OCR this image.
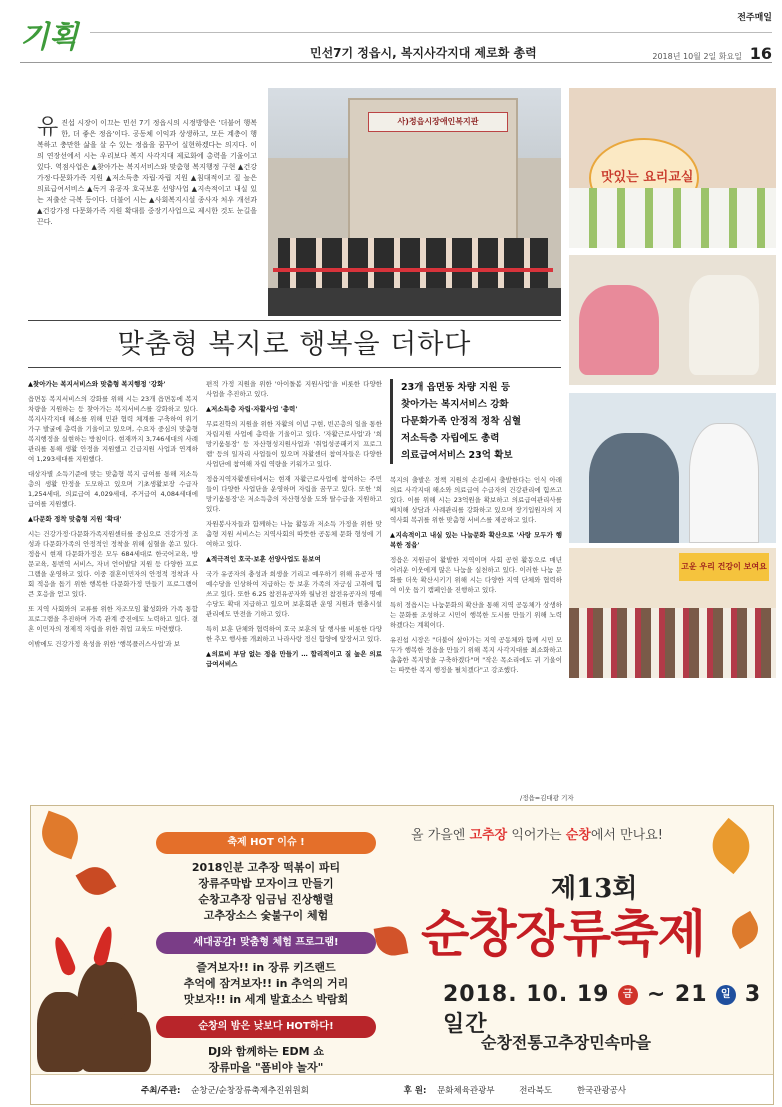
기획
전주매일
민선7기 정읍시, 복지사각지대 제로화 총력	2018년 10월 2일 화요일 16
유 진섭 시장이 이끄는 민선 7기 정읍시의 시정방향은 '더불어 행복한, 더 좋은 정읍'이다. 공동체 이익과 상생하고, 모든 계층이 행복하고 충만한 삶을 살 수 있는 정읍을 꿈꾸어 실현하겠다는 의지다. 이의 연장선에서 시는 우리보다 복지 사각지대 제로화에 총력을 기울이고 있다. 역점사업은 ▲찾아가는 복지서비스와 맞춤형 복지행정 구현 ▲건강가정·다문화가족 지원 ▲저소득층 자립·자립 지원 ▲침대적이고 질 높은 의료급여서비스 ▲독거 유공자 호국보훈 선양사업 ▲지속적이고 내실 있는 저출산 극복 등이다. 더불어 시는 ▲사회복지시설 종사자 처우 개선과 ▲건강가정 다문화가족 지원 확대를 중장기사업으로 제시한 것도 눈길을 끈다.
사)정읍시장애인복지관
맛있는 요리교실
고운 우리 건강이 보여요
맞춤형 복지로 행복을 더하다

▲찾아가는 복지서비스와 맞춤형 복지행정 '강화'

읍면동 복지서비스의 강화를 위해 시는 23개 읍면동에 복지차량을 지원하는 등 찾아가는 복지서비스를 강화하고 있다. 복지사각지대 해소를 위해 민관 협력 체계를 구축하여 위기가구 발굴에 총력을 기울이고 있으며, 수요자 중심의 맞춤형 복지행정을 실현하는 방침이다. 현재까지 3,746세대의 사례관리를 통해 생활 안정을 지원했고 긴급지원 사업과 연계하여 1,293세대를 지원했다.

대상자별 소득기준에 맞는 맞춤형 복지 급여를 통해 저소득층의 생활 안정을 도모하고 있으며 기초생활보장 수급자 1,254세대, 의료급여 4,029세대, 주거급여 4,084세대에 급여를 지원했다.

▲다문화 정착 맞춤형 지원 '확대'

시는 건강가정·다문화가족지원센터를 중심으로 건강가정 조성과 다문화가족의 안정적인 정착을 위해 심혈을 쏟고 있다. 정읍시 현재 다문화가정은 모두 684세대로 한국어교육, 방문교육, 통번역 서비스, 자녀 언어발달 지원 등 다양한 프로그램을 운영하고 있다. 이중 결혼이민자의 안정적 정착과 사회 적응을 돕기 위한 행복한 다문화가정 만들기 프로그램이 큰 호응을 얻고 있다.

또 지역 사회와의 교류를 위한 자조모임 활성화와 가족 통합 프로그램을 추진하며 가족 관계 증진에도 노력하고 있다. 결혼 이민자의 경제적 자립을 위한 취업 교육도 마련했다.

이밖에도 건강가정 육성을 위한 '행복플러스사업'과 보

편적 가정 지원을 위한 '아이돌봄 지원사업'을 비롯한 다양한 사업을 추진하고 있다.

▲저소득층 자립·자활사업 '총력'

무료진학의 지원을 위한 자활의 이념 구현, 빈곤층의 일을 통한 자립지원 사업에 총력을 기울이고 있다. '자활근로사업'과 '희망키움통장' 등 자산형성지원사업과 '취업성공패키지 프로그램' 등의 일자리 사업들이 있으며 자활센터 참여자들은 다양한 사업단에 참여해 자립 역량을 키워가고 있다.

정읍지역자활센터에서는 현재 자활근로사업에 참여하는 주민들이 다양한 사업단을 운영하며 자립을 꿈꾸고 있다. 또한 '희망키움통장'은 저소득층의 자산형성을 도와 탈수급을 지원하고 있다.

자원봉사자들과 함께하는 나눔 활동과 저소득 가정을 위한 맞춤형 지원 서비스는 지역사회의 따뜻한 공동체 문화 형성에 기여하고 있다.

▲적극적인 호국·보훈 선양사업도 돋보여

국가 유공자의 충성과 희생을 기리고 예우하기 위해 유공자 명예수당을 인상하여 지급하는 등 보훈 가족의 자긍심 고취에 힘쓰고 있다. 또한 6.25 참전유공자와 월남전 참전유공자의 명예수당도 확대 지급하고 있으며 보훈회관 운영 지원과 현충시설 관리에도 만전을 기하고 있다.

특히 보훈 단체와 협력하여 호국 보훈의 달 행사를 비롯한 다양한 추모 행사를 개최하고 나라사랑 정신 함양에 앞장서고 있다.

▲의료비 부담 없는 정읍 만들기 … 합리적이고 질 높은 의료급여서비스

23개 읍면동 차량 지원 등
찾아가는 복지서비스 강화
다문화가족 안정적 정착 심혈
저소득층 자립에도 총력
의료급여서비스 23억 확보

복지의 출발은 정책 지원의 손길에서 출발한다는 인식 아래 의료 사각지대 해소와 의료급여 수급자의 건강관리에 힘쓰고 있다. 이를 위해 시는 23억원을 확보하고 의료급여관리사를 배치해 상담과 사례관리를 강화하고 있으며 장기입원자의 지역사회 복귀를 위한 맞춤형 서비스를 제공하고 있다.

▲지속적이고 내실 있는 나눔문화 확산으로 '사랑 모두가 행복한 정읍'

정읍은 지원금이 활발한 지역이며 사회 공헌 활동으로 매년 어려운 이웃에게 많은 나눔을 실천하고 있다. 이러한 나눔 문화를 더욱 확산시키기 위해 시는 다양한 지역 단체와 협력하여 이웃 돕기 캠페인을 진행하고 있다.

특히 정읍시는 나눔문화의 확산을 통해 지역 공동체가 상생하는 문화를 조성하고 시민이 행복한 도시를 만들기 위해 노력하겠다는 계획이다.

유진섭 시장은 "더불어 살아가는 지역 공동체와 함께 시민 모두가 행복한 정읍을 만들기 위해 복지 사각지대를 최소화하고 촘촘한 복지망을 구축하겠다"며 "작은 목소리에도 귀 기울이는 따뜻한 복지 행정을 펼치겠다"고 강조했다.

/정읍=김대광 기자
축제 HOT 이슈 !
2018인분 고추장 떡볶이 파티
장류주막밥 모자이크 만들기
순창고추장 임금님 진상행렬
고추장소스 숯불구이 체험
세대공감! 맞춤형 체험 프로그램!
즐겨보자!! in 장류 키즈랜드
추억에 잠겨보자!! in 추억의 거리
맛보자!! in 세계 발효소스 박람회
순창의 밤은 낮보다 HOT하다!
DJ와 함께하는 EDM 쇼
장류마을 "폼비야 놀자"
올 가을엔 고추장 익어가는 순창에서 만나요!
제13회
순창장류축제
2018. 10. 19 금 ~ 21 일 3일간
순창전통고추장민속마을
주최/주관: 순창군/순창장류축제추진위원회	후 원: 문화체육관광부	전라북도	한국관광공사
